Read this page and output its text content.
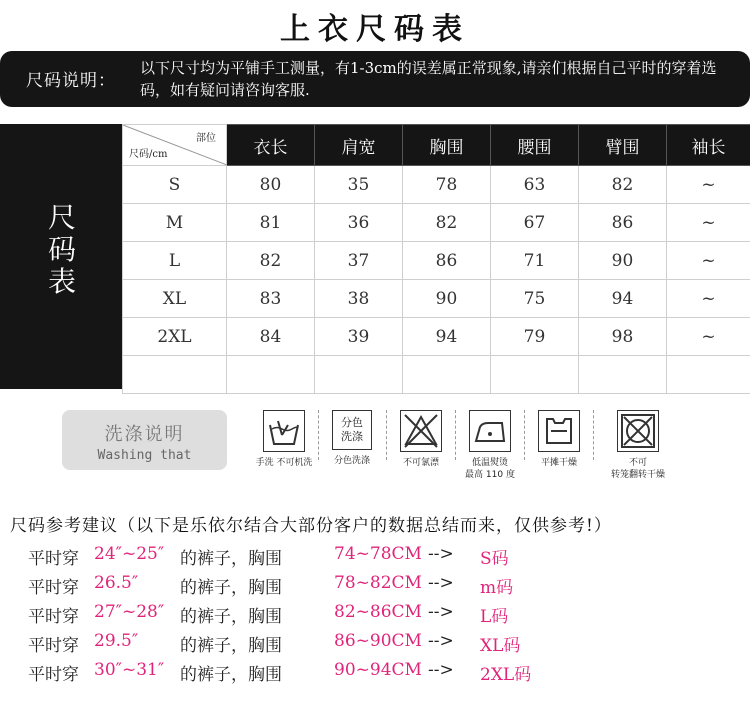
上衣尺码表
尺码说明：
以下尺寸均为平铺手工测量，有1-3cm的误差属正常现象,请亲们根据自己平时的穿着选码，如有疑问请咨询客服.
尺码表
部位
尺码/cm	衣长	肩宽	胸围	腰围	臂围	袖长
S	80	35	78	63	82	~
M	81	36	82	67	86	~
L	82	37	86	71	90	~
XL	83	38	90	75	94	~
2XL	84	39	94	79	98	~

洗涤说明
Washing that	手洗 不可机洗
分色
洗涤
分色洗涤	不可氯漂	低温熨烫
最高 110 度
平摊干燥	不可
转笼翻转干燥
尺码参考建议（以下是乐依尔结合大部份客户的数据总结而来，仅供参考!）
平时穿 24″~25″ 的裤子，胸围	74~78CM --> S码
平时穿 26.5″ 的裤子，胸围	78~82CM --> m码
平时穿 27″~28″ 的裤子，胸围	82~86CM --> L码
平时穿 29.5″ 的裤子，胸围	86~90CM --> XL码
平时穿 30″~31″ 的裤子，胸围	90~94CM --> 2XL码
